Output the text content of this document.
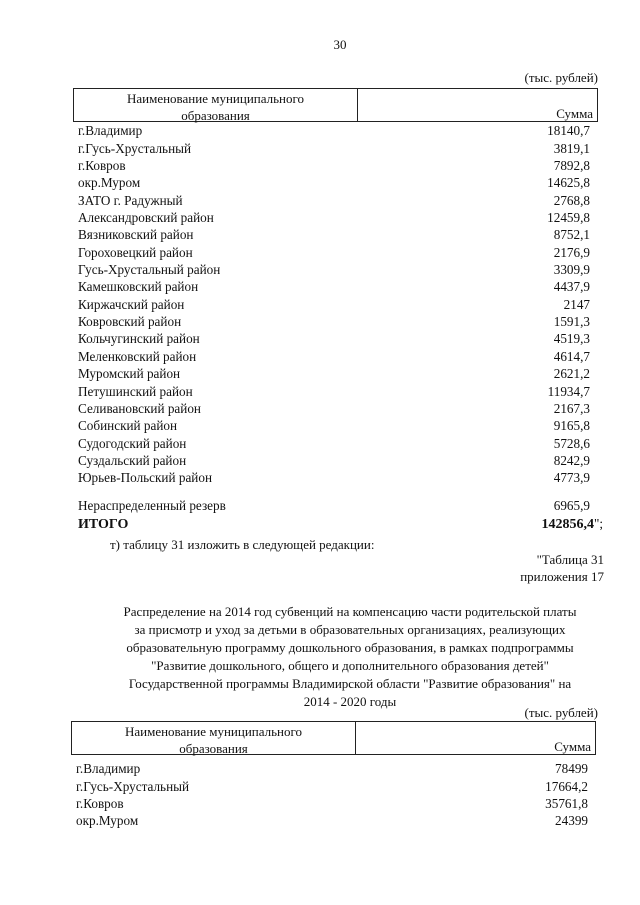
30
(тыс. рублей)
Наименование муниципального
образования	Сумма
г.Владимир	18140,7
г.Гусь-Хрустальный	3819,1
г.Ковров	7892,8
окр.Муром	14625,8
ЗАТО г. Радужный	2768,8
Александровский район	12459,8
Вязниковский район	8752,1
Гороховецкий район	2176,9
Гусь-Хрустальный район	3309,9
Камешковский район	4437,9
Киржачский район	2147
Ковровский район	1591,3
Кольчугинский район	4519,3
Меленковский район	4614,7
Муромский район	2621,2
Петушинский район	11934,7
Селивановский район	2167,3
Собинский район	9165,8
Судогодский район	5728,6
Суздальский район	8242,9
Юрьев-Польский район	4773,9
Нераспределенный резерв	6965,9
ИТОГО	142856,4";
т) таблицу 31 изложить в следующей редакции:
"Таблица 31
приложения 17
Распределение на 2014 год субвенций на компенсацию части родительской платы
за присмотр и уход за детьми в образовательных организациях, реализующих
образовательную программу дошкольного образования, в рамках подпрограммы
"Развитие дошкольного, общего и дополнительного образования детей"
Государственной программы Владимирской области "Развитие образования" на
2014 - 2020 годы
(тыс. рублей)
Наименование муниципального
образования	Сумма
г.Владимир	78499
г.Гусь-Хрустальный	17664,2
г.Ковров	35761,8
окр.Муром	24399
